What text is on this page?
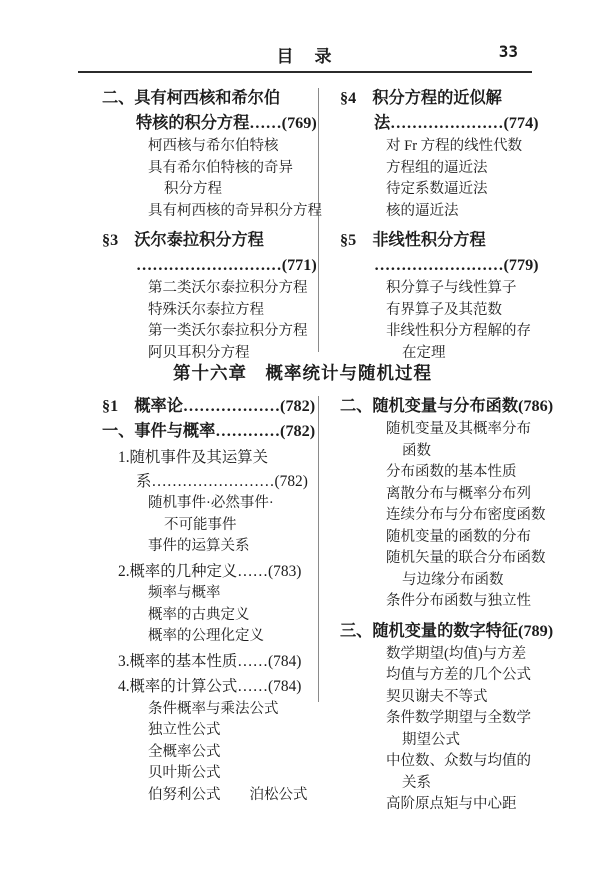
目　录	33
二、具有柯西核和希尔伯
特核的积分方程……(769)
柯西核与希尔伯特核
具有希尔伯特核的奇异
积分方程
具有柯西核的奇异积分方程
§3　沃尔泰拉积分方程
………………………(771)
第二类沃尔泰拉积分方程
特殊沃尔泰拉方程
第一类沃尔泰拉积分方程
阿贝耳积分方程
§4　积分方程的近似解
法…………………(774)
对 Fr 方程的线性代数
方程组的逼近法
待定系数逼近法
核的逼近法
§5　非线性积分方程
……………………(779)
积分算子与线性算子
有界算子及其范数
非线性积分方程解的存
在定理
第十六章　概率统计与随机过程
§1　概率论………………(782)
一、事件与概率…………(782)
1.随机事件及其运算关
系……………………(782)
随机事件·必然事件·
不可能事件
事件的运算关系
2.概率的几种定义……(783)
频率与概率
概率的古典定义
概率的公理化定义
3.概率的基本性质……(784)
4.概率的计算公式……(784)
条件概率与乘法公式
独立性公式
全概率公式
贝叶斯公式
伯努利公式　　泊松公式
二、随机变量与分布函数(786)
随机变量及其概率分布
函数
分布函数的基本性质
离散分布与概率分布列
连续分布与分布密度函数
随机变量的函数的分布
随机矢量的联合分布函数
与边缘分布函数
条件分布函数与独立性
三、随机变量的数字特征(789)
数学期望(均值)与方差
均值与方差的几个公式
契贝谢夫不等式
条件数学期望与全数学
期望公式
中位数、众数与均值的
关系
高阶原点矩与中心距
